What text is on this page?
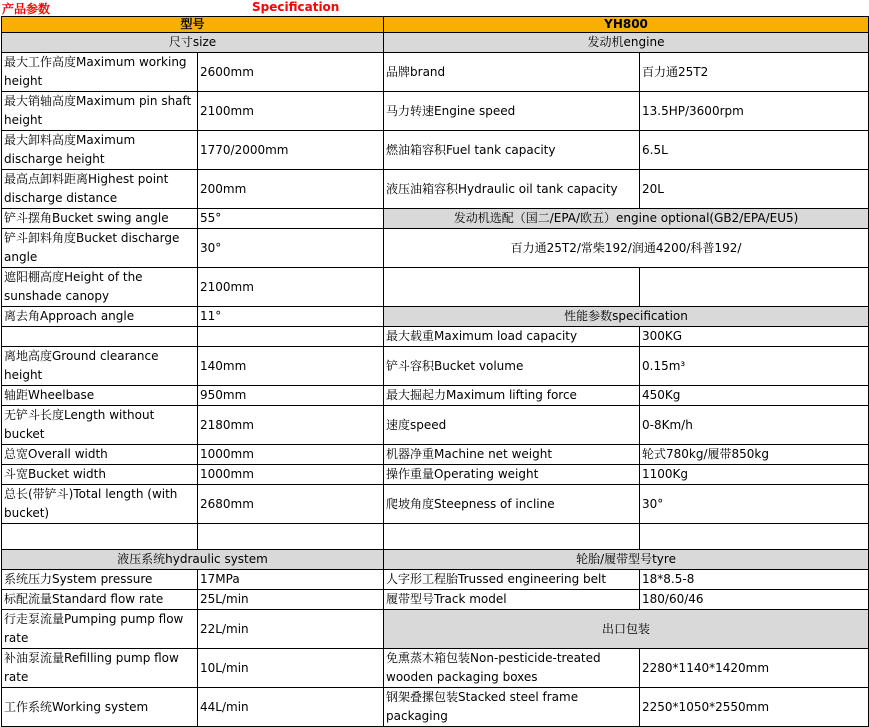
产品参数	Specification
型号		YH800	
尺寸size		发动机engine	
最大工作高度Maximum working height	2600mm	品牌brand	百力通25T2
最大销轴高度Maximum pin shaft height	2100mm	马力转速Engine speed	13.5HP/3600rpm
最大卸料高度Maximum discharge height	1770/2000mm	燃油箱容积Fuel tank capacity	6.5L
最高点卸料距离Highest point discharge distance	200mm	液压油箱容积Hydraulic oil tank capacity	20L
铲斗摆角Bucket swing angle	55°	发动机选配（国二/EPA/欧五）engine optional(GB2/EPA/EU5)	
铲斗卸料角度Bucket discharge angle	30°	百力通25T2/常柴192/润通4200/科普192/	
遮阳棚高度Height of the sunshade canopy	2100mm		
离去角Approach angle	11°	性能参数specification	
		最大载重Maximum load capacity	300KG
离地高度Ground clearance height	140mm	铲斗容积Bucket volume	0.15m³
轴距Wheelbase	950mm	最大掘起力Maximum lifting force	450Kg
无铲斗长度Length without bucket	2180mm	速度speed	0-8Km/h
总宽Overall width	1000mm	机器净重Machine net weight	轮式780kg/履带850kg
斗宽Bucket width	1000mm	操作重量Operating weight	1100Kg
总长(带铲斗)Total length (with bucket)	2680mm	爬坡角度Steepness of incline	30°

液压系统hydraulic system		轮胎/履带型号tyre	
系统压力System pressure	17MPa	人字形工程胎Trussed engineering belt	18*8.5-8
标配流量Standard flow rate	25L/min	履带型号Track model	180/60/46
行走泵流量Pumping pump flow rate	22L/min	出口包装	
补油泵流量Refilling pump flow rate	10L/min	免熏蒸木箱包装Non-pesticide-treated wooden packaging boxes	2280*1140*1420mm
工作系统Working system	44L/min	钢架叠摞包装Stacked steel frame packaging	2250*1050*2550mm
